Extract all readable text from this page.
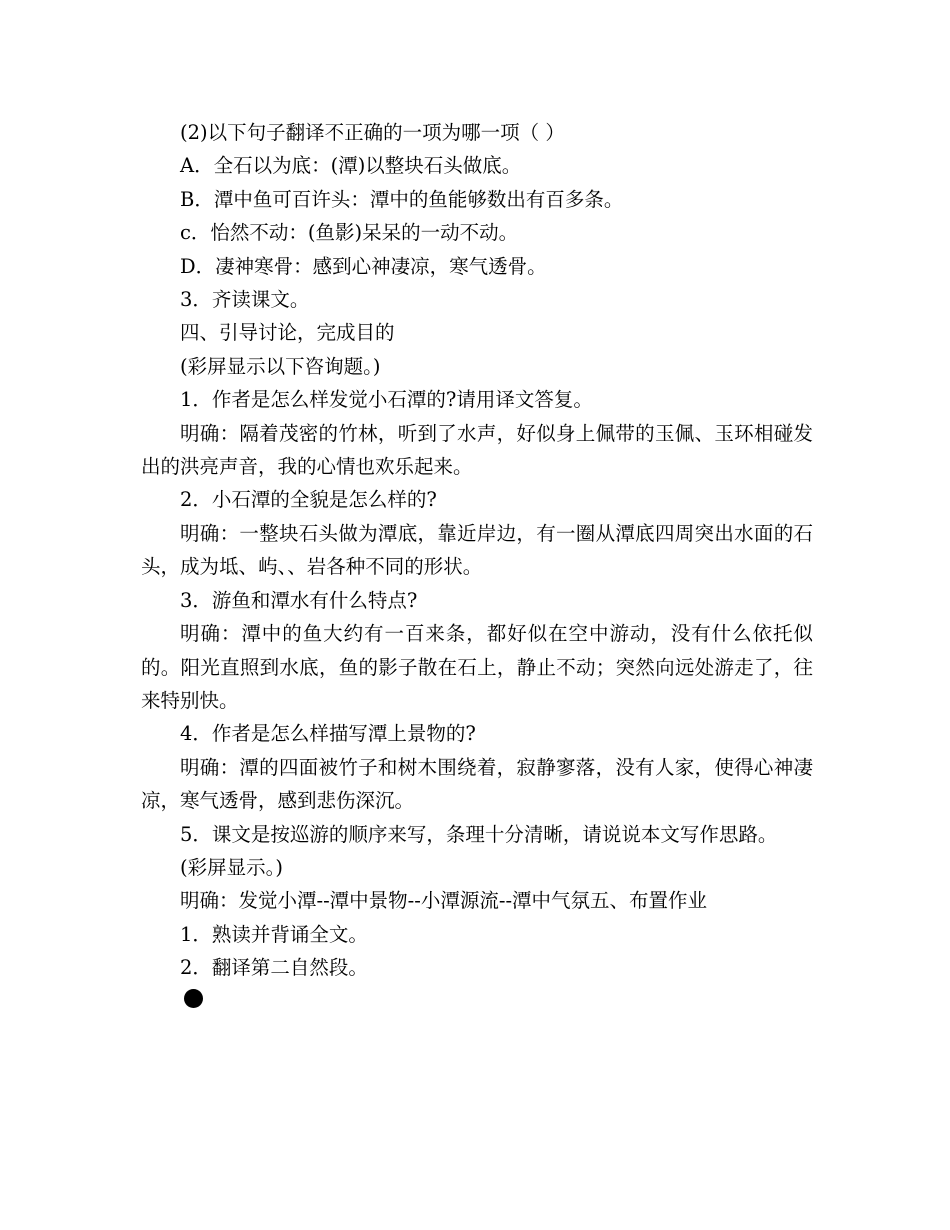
(2)以下句子翻译不正确的一项为哪一项（ ）

A．全石以为底：(潭)以整块石头做底。

B．潭中鱼可百许头：潭中的鱼能够数出有百多条。

c．怡然不动：(鱼影)呆呆的一动不动。

D．凄神寒骨：感到心神凄凉，寒气透骨。

3．齐读课文。

四、引导讨论，完成目的

(彩屏显示以下咨询题。)

1．作者是怎么样发觉小石潭的?请用译文答复。

明确：隔着茂密的竹林，听到了水声，好似身上佩带的玉佩、玉环相碰发出的洪亮声音，我的心情也欢乐起来。

2．小石潭的全貌是怎么样的?

明确：一整块石头做为潭底，靠近岸边，有一圈从潭底四周突出水面的石头，成为坻、屿、、岩各种不同的形状。

3．游鱼和潭水有什么特点?

明确：潭中的鱼大约有一百来条，都好似在空中游动，没有什么依托似的。阳光直照到水底，鱼的影子散在石上，静止不动；突然向远处游走了，往来特别快。

4．作者是怎么样描写潭上景物的?

明确：潭的四面被竹子和树木围绕着，寂静寥落，没有人家，使得心神凄凉，寒气透骨，感到悲伤深沉。

5．课文是按巡游的顺序来写，条理十分清晰，请说说本文写作思路。

(彩屏显示。)

明确：发觉小潭--潭中景物--小潭源流--潭中气氛五、布置作业

1．熟读并背诵全文。

2．翻译第二自然段。
